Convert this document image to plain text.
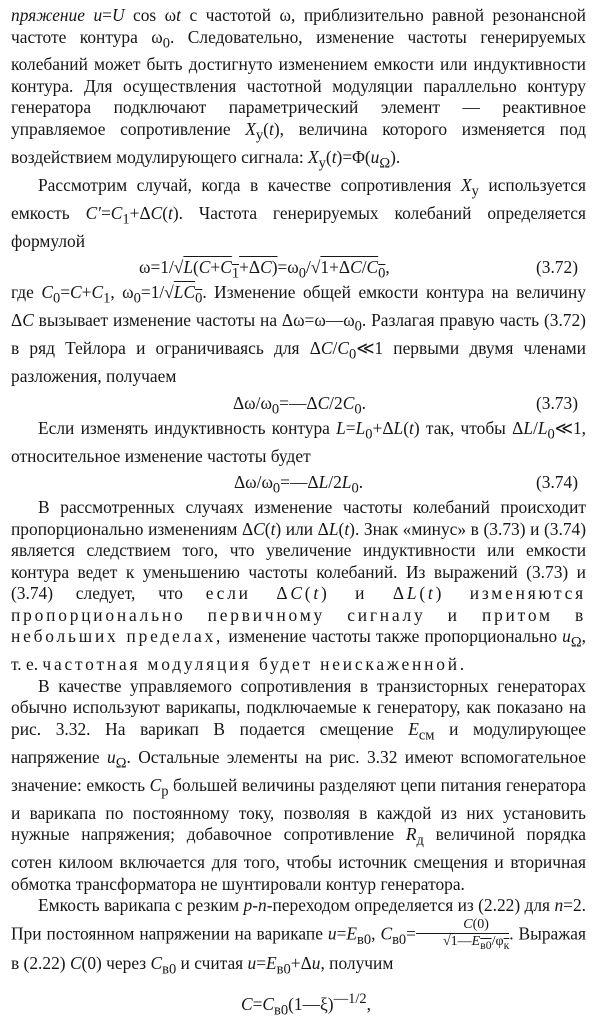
пряжение u=U cos ωt с частотой ω, приблизительно равной резонансной частоте контура $\omega_0$. Следовательно, изменение частоты генерируемых колебаний может быть достигнуто изменением емкости или индуктивности контура. Для осуществления частотной модуляции параллельно контуру генератора подключают параметрический элемент — реактивное управляемое сопротивление $X_у(t)$, величина которого изменяется под воздействием модулирующего сигнала: $X_у(t)=\Phi(u_\Omega)$.

Рассмотрим случай, когда в качестве сопротивления $X_у$ используется емкость $C'=C_1+\Delta C(t)$. Частота генерируемых колебаний определяется формулой

$\omega=1/√L(C+C_1+\Delta C)=\omega_0/√1+\Delta C/C_0$,	(3.72)

где $C_0=C+C_1$, $\omega_0=1/√LC_0$. Изменение общей емкости контура на величину ΔC вызывает изменение частоты на $\Delta\omega=\omega—\omega_0$. Разлагая правую часть (3.72) в ряд Тейлора и ограничиваясь для $\Delta C/C_0≪1$ первыми двумя членами разложения, получаем

$\Delta\omega/\omega_0=—\Delta C/2C_0$.	(3.73)

Если изменять индуктивность контура $L=L_0+\Delta L(t)$ так, чтобы $\Delta L/L_0≪1$, относительное изменение частоты будет

$\Delta\omega/\omega_0=—\Delta L/2L_0$.	(3.74)

В рассмотренных случаях изменение частоты колебаний происходит пропорционально изменениям ΔC(t) или ΔL(t). Знак «минус» в (3.73) и (3.74) является следствием того, что увеличение индуктивности или емкости контура ведет к уменьшению частоты колебаний. Из выражений (3.73) и (3.74) следует, что если ΔC(t) и ΔL(t) изменяются пропорционально первичному сигналу и притом в небольших пределах, изменение частоты также пропорционально $u_\Omega$, т. е. частотная модуляция будет неискаженной.

В качестве управляемого сопротивления в транзисторных генераторах обычно используют варикапы, подключаемые к генератору, как показано на рис. 3.32. На варикап В подается смещение $E_{см}$ и модулирующее напряжение $u_\Omega$. Остальные элементы на рис. 3.32 имеют вспомогательное значение: емкость $C_р$ большей величины разделяют цепи питания генератора и варикапа по постоянному току, позволяя в каждой из них установить нужные напряжения; добавочное сопротивление $R_д$ величиной порядка сотен килоом включается для того, чтобы источник смещения и вторичная обмотка трансформатора не шунтировали контур генератора.

Емкость варикапа с резким p-n-переходом определяется из (2.22) для n=2. При постоянном напряжении на варикапе $u=E_{в0}$, $C_{в0}=$	C(0)
$√1—E_{в0}/\varphi_к$
. Выражая в (2.22) C(0) через $C_{в0}$ и считая $u=E_{в0}+\Delta u$, получим

$C=C_{в0}(1—\xi)^{—1/2}$,
